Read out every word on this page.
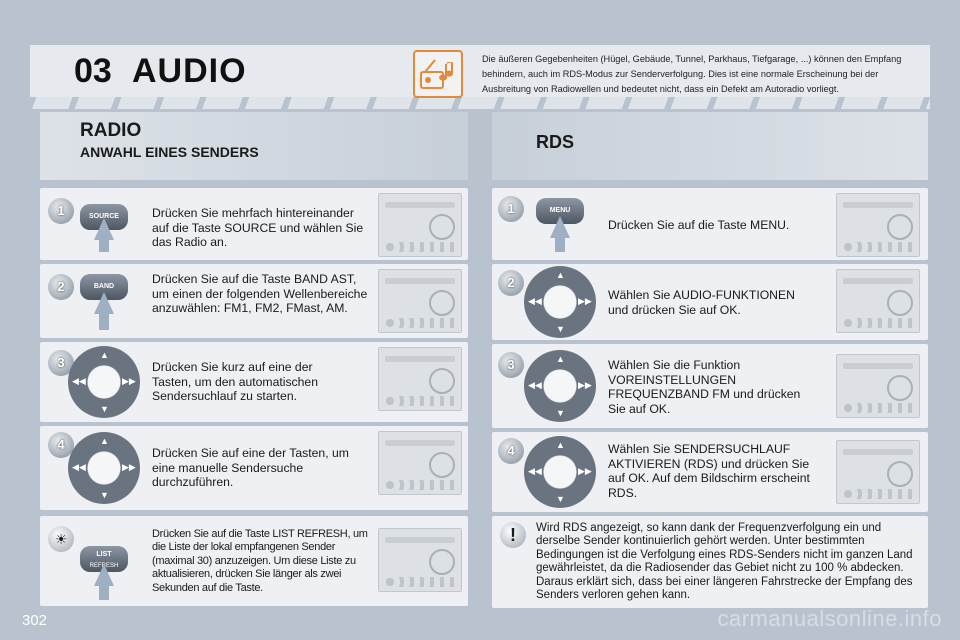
03 AUDIO	Die äußeren Gegebenheiten (Hügel, Gebäude, Tunnel, Parkhaus, Tiefgarage, ...) können den Empfang behindern, auch im RDS-Modus zur Senderverfolgung. Dies ist eine normale Erscheinung bei der Ausbreitung von Radiowellen und bedeutet nicht, dass ein Defekt am Autoradio vorliegt.
RADIO
ANWAHL EINES SENDERS	RDS
1	SOURCE	Drücken Sie mehrfach hintereinander auf die Taste SOURCE und wählen Sie das Radio an.
2	BAND
Drücken Sie auf die Taste BAND AST, um einen der folgenden Wellenbereiche anzuwählen: FM1, FM2, FMast, AM.
3	▲
▼
◀◀	▶▶
Drücken Sie kurz auf eine der Tasten, um den automatischen Sendersuchlauf zu starten.
4	▲
▼
◀◀	▶▶
Drücken Sie auf eine der Tasten, um eine manuelle Sendersuche durchzuführen.
☀
LIST
REFRESH
Drücken Sie auf die Taste LIST REFRESH, um die Liste der lokal empfangenen Sender (maximal 30) anzuzeigen. Um diese Liste zu aktualisieren, drücken Sie länger als zwei Sekunden auf die Taste.
1	MENU
Drücken Sie auf die Taste MENU.
2	▲
▼
◀◀	▶▶ Wählen Sie AUDIO-FUNKTIONEN und drücken Sie auf OK.
3	▲
▼
◀◀	▶▶
Wählen Sie die Funktion VOREINSTELLUNGEN FREQUENZBAND FM und drücken Sie auf OK.
4	▲
▼
◀◀	▶▶
Wählen Sie SENDERSUCHLAUF AKTIVIEREN (RDS) und drücken Sie auf OK. Auf dem Bildschirm erscheint RDS.
!	Wird RDS angezeigt, so kann dank der Frequenzverfolgung ein und derselbe Sender kontinuierlich gehört werden. Unter bestimmten Bedingungen ist die Verfolgung eines RDS-Senders nicht im ganzen Land gewährleistet, da die Radiosender das Gebiet nicht zu 100 % abdecken. Daraus erklärt sich, dass bei einer längeren Fahrstrecke der Empfang des Senders verloren gehen kann.
302	carmanualsonline.info
